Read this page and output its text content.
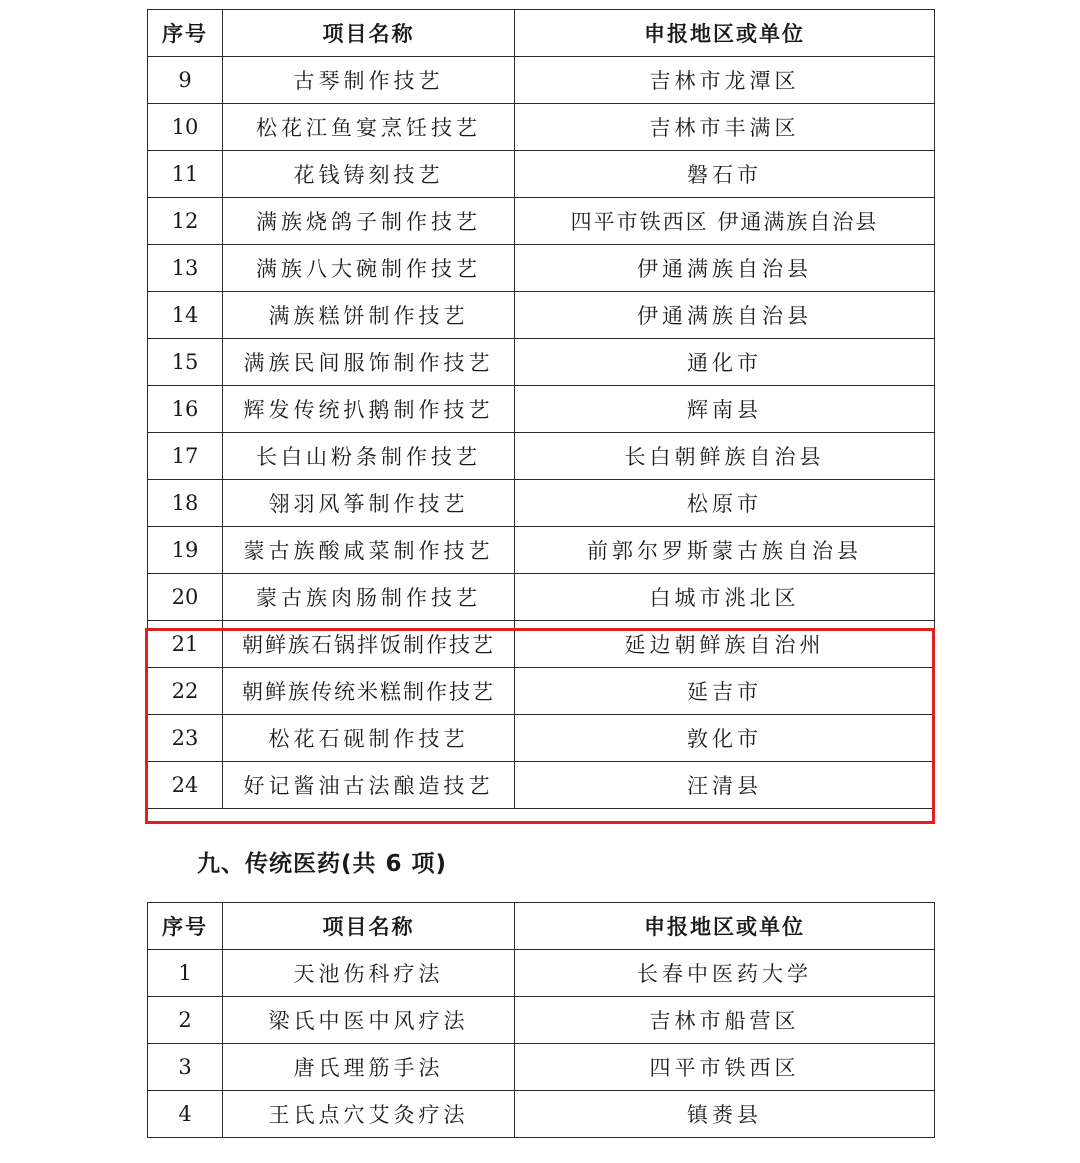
序号	项目名称	申报地区或单位
9	古琴制作技艺	吉林市龙潭区
10	松花江鱼宴烹饪技艺	吉林市丰满区
11	花钱铸刻技艺	磐石市
12	满族烧鸽子制作技艺	四平市铁西区 伊通满族自治县
13	满族八大碗制作技艺	伊通满族自治县
14	满族糕饼制作技艺	伊通满族自治县
15	满族民间服饰制作技艺	通化市
16	辉发传统扒鹅制作技艺	辉南县
17	长白山粉条制作技艺	长白朝鲜族自治县
18	翎羽风筝制作技艺	松原市
19	蒙古族酸咸菜制作技艺	前郭尔罗斯蒙古族自治县
20	蒙古族肉肠制作技艺	白城市洮北区
21	朝鲜族石锅拌饭制作技艺	延边朝鲜族自治州
22	朝鲜族传统米糕制作技艺	延吉市
23	松花石砚制作技艺	敦化市
24	好记酱油古法酿造技艺	汪清县
九、传统医药(共 6 项)
序号	项目名称	申报地区或单位
1	天池伤科疗法	长春中医药大学
2	梁氏中医中风疗法	吉林市船营区
3	唐氏理筋手法	四平市铁西区
4	王氏点穴艾灸疗法	镇赉县
